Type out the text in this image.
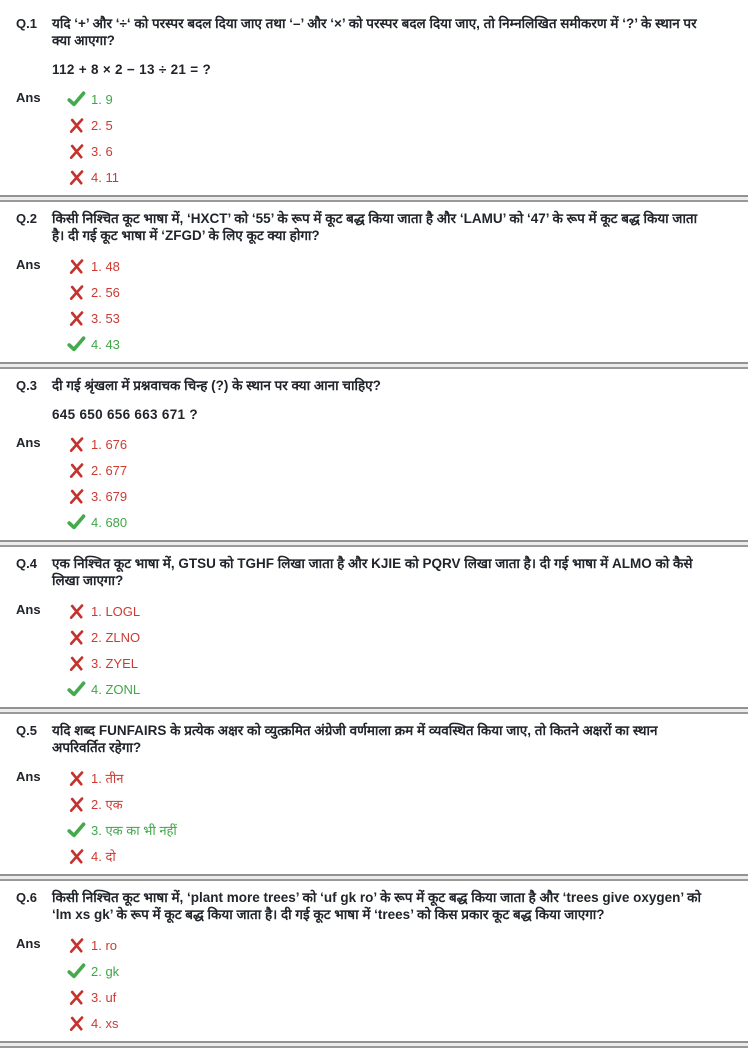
Q.1	यदि ‘+’ और ‘÷‘ को परस्पर बदल दिया जाए तथा ‘–’ और ‘×’ को परस्पर बदल दिया जाए, तो निम्नलिखित समीकरण में ‘?’ के स्थान पर क्या आएगा?
112 + 8 × 2 − 13 ÷ 21 = ?
Ans	1. 9
2. 5
3. 6
4. 11
Q.2	किसी निश्चित कूट भाषा में, ‘HXCT’ को ‘55’ के रूप में कूट बद्ध किया जाता है और ‘LAMU’ को ‘47’ के रूप में कूट बद्ध किया जाता है। दी गई कूट भाषा में ‘ZFGD’ के लिए कूट क्या होगा?
Ans	1. 48
2. 56
3. 53
4. 43
Q.3	दी गई श्रृंखला में प्रश्नवाचक चिन्ह (?) के स्थान पर क्या आना चाहिए?
645 650 656 663 671 ?
Ans	1. 676
2. 677
3. 679
4. 680
Q.4	एक निश्चित कूट भाषा में, GTSU को TGHF लिखा जाता है और KJIE को PQRV लिखा जाता है। दी गई भाषा में ALMO को कैसे लिखा जाएगा?
Ans	1. LOGL
2. ZLNO
3. ZYEL
4. ZONL
Q.5	यदि शब्द FUNFAIRS के प्रत्येक अक्षर को व्युत्क्रमित अंग्रेजी वर्णमाला क्रम में व्यवस्थित किया जाए, तो कितने अक्षरों का स्थान अपरिवर्तित रहेगा?
Ans	1. तीन
2. एक
3. एक का भी नहीं
4. दो
Q.6	किसी निश्चित कूट भाषा में, ‘plant more trees’ को ‘uf gk ro’ के रूप में कूट बद्ध किया जाता है और ‘trees give oxygen’ को ‘lm xs gk’ के रूप में कूट बद्ध किया जाता है। दी गई कूट भाषा में ‘trees’ को किस प्रकार कूट बद्ध किया जाएगा?
Ans	1. ro
2. gk
3. uf
4. xs
